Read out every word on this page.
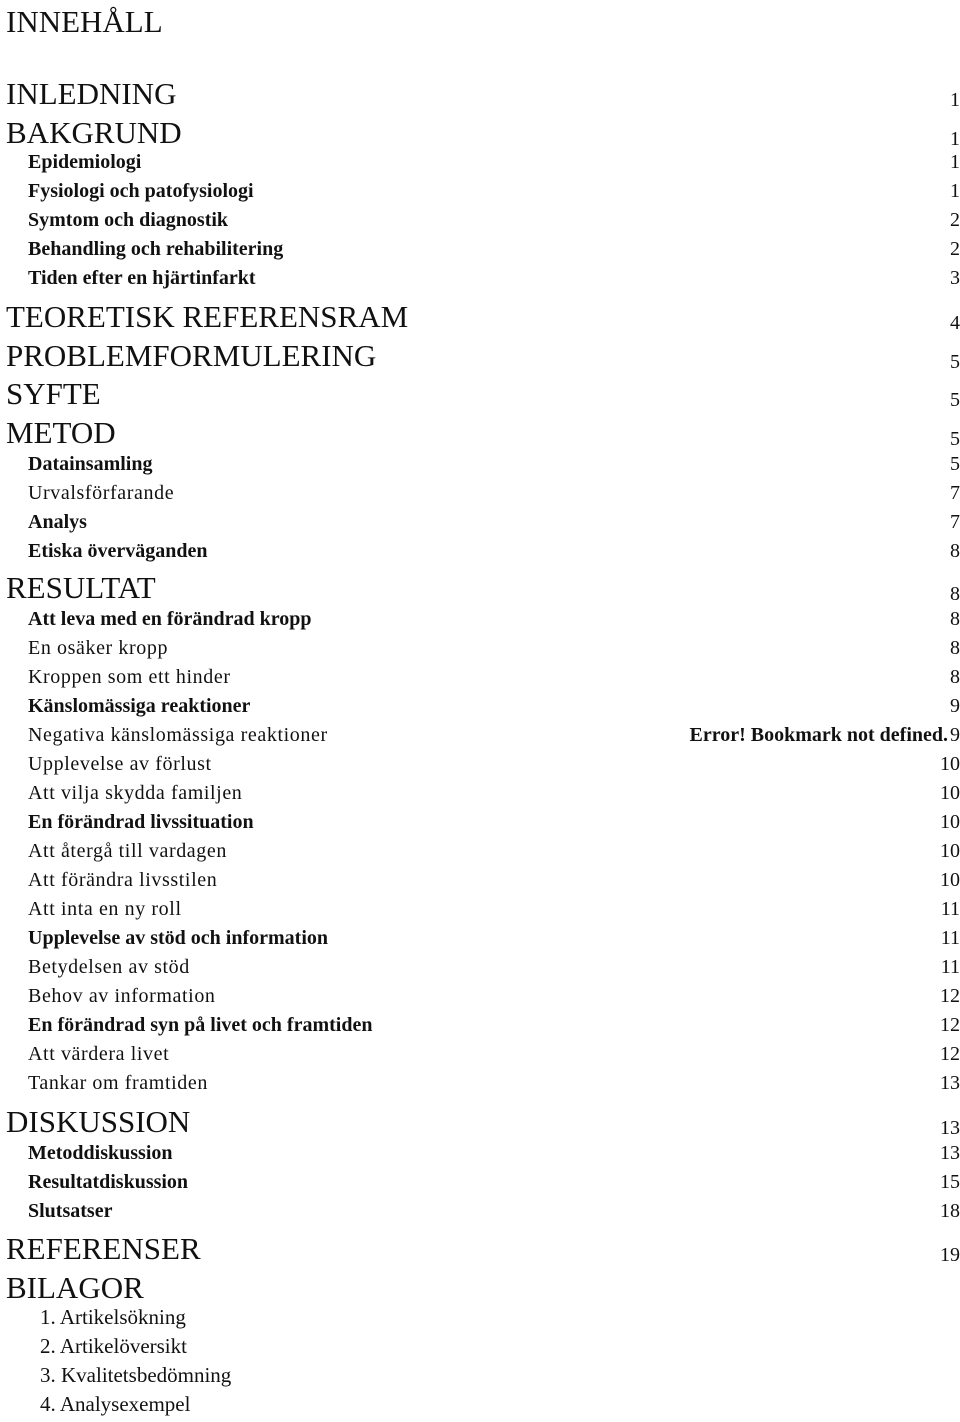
INNEHÅLL
INLEDNING	1
BAKGRUND	1
Epidemiologi	1
Fysiologi och patofysiologi	1
Symtom och diagnostik	2
Behandling och rehabilitering	2
Tiden efter en hjärtinfarkt	3
TEORETISK REFERENSRAM	4
PROBLEMFORMULERING	5
SYFTE	5
METOD	5
Datainsamling	5
Urvalsförfarande	7
Analys	7
Etiska överväganden	8
RESULTAT	8
Att leva med en förändrad kropp	8
En osäker kropp	8
Kroppen som ett hinder	8
Känslomässiga reaktioner	9
Negativa känslomässiga reaktioner	Error! Bookmark not defined. 9
Upplevelse av förlust	10
Att vilja skydda familjen	10
En förändrad livssituation	10
Att återgå till vardagen	10
Att förändra livsstilen	10
Att inta en ny roll	11
Upplevelse av stöd och information	11
Betydelsen av stöd	11
Behov av information	12
En förändrad syn på livet och framtiden	12
Att värdera livet	12
Tankar om framtiden	13
DISKUSSION	13
Metoddiskussion	13
Resultatdiskussion	15
Slutsatser	18
REFERENSER	19
BILAGOR
1. Artikelsökning
2. Artikelöversikt
3. Kvalitetsbedömning
4. Analysexempel
